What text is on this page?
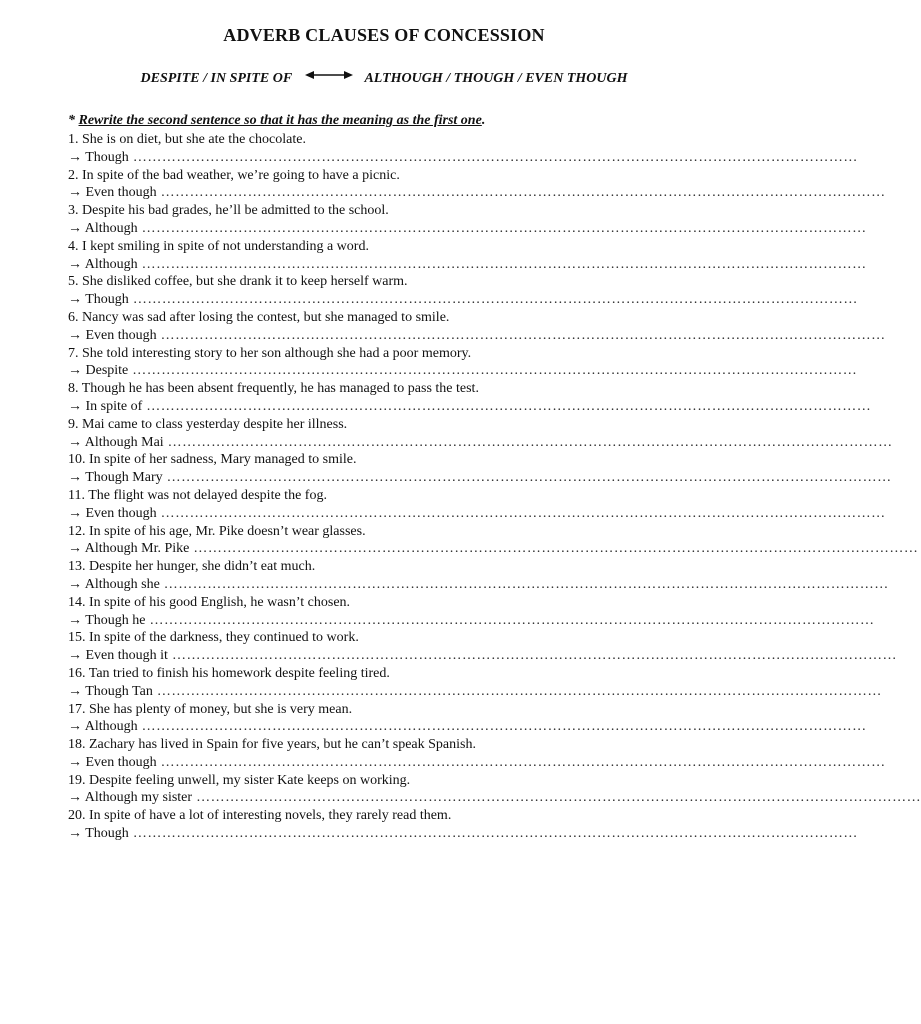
ADVERB CLAUSES OF CONCESSION
DESPITE / IN SPITE OF	ALTHOUGH / THOUGH / EVEN THOUGH
* Rewrite the second sentence so that it has the meaning as the first one.
1. She is on diet, but she ate the chocolate.
→ Though ……………………………………………………………………………………………………………………………………
2. In spite of the bad weather, we’re going to have a picnic.
→ Even though ……………………………………………………………………………………………………………………………………
3. Despite his bad grades, he’ll be admitted to the school.
→ Although ……………………………………………………………………………………………………………………………………
4. I kept smiling in spite of not understanding a word.
→ Although ……………………………………………………………………………………………………………………………………
5. She disliked coffee, but she drank it to keep herself warm.
→ Though ……………………………………………………………………………………………………………………………………
6. Nancy was sad after losing the contest, but she managed to smile.
→ Even though ……………………………………………………………………………………………………………………………………
7. She told interesting story to her son although she had a poor memory.
→ Despite ……………………………………………………………………………………………………………………………………
8. Though he has been absent frequently, he has managed to pass the test.
→ In spite of ……………………………………………………………………………………………………………………………………
9. Mai came to class yesterday despite her illness.
→ Although Mai ……………………………………………………………………………………………………………………………………
10. In spite of her sadness, Mary managed to smile.
→ Though Mary ……………………………………………………………………………………………………………………………………
11. The flight was not delayed despite the fog.
→ Even though ……………………………………………………………………………………………………………………………………
12. In spite of his age, Mr. Pike doesn’t wear glasses.
→ Although Mr. Pike ……………………………………………………………………………………………………………………………………
13. Despite her hunger, she didn’t eat much.
→ Although she ……………………………………………………………………………………………………………………………………
14. In spite of his good English, he wasn’t chosen.
→ Though he ……………………………………………………………………………………………………………………………………
15. In spite of the darkness, they continued to work.
→ Even though it ……………………………………………………………………………………………………………………………………
16. Tan tried to finish his homework despite feeling tired.
→ Though Tan ……………………………………………………………………………………………………………………………………
17. She has plenty of money, but she is very mean.
→ Although ……………………………………………………………………………………………………………………………………
18. Zachary has lived in Spain for five years, but he can’t speak Spanish.
→ Even though ……………………………………………………………………………………………………………………………………
19. Despite feeling unwell, my sister Kate keeps on working.
→ Although my sister ……………………………………………………………………………………………………………………………………
20. In spite of have a lot of interesting novels, they rarely read them.
→ Though ……………………………………………………………………………………………………………………………………
